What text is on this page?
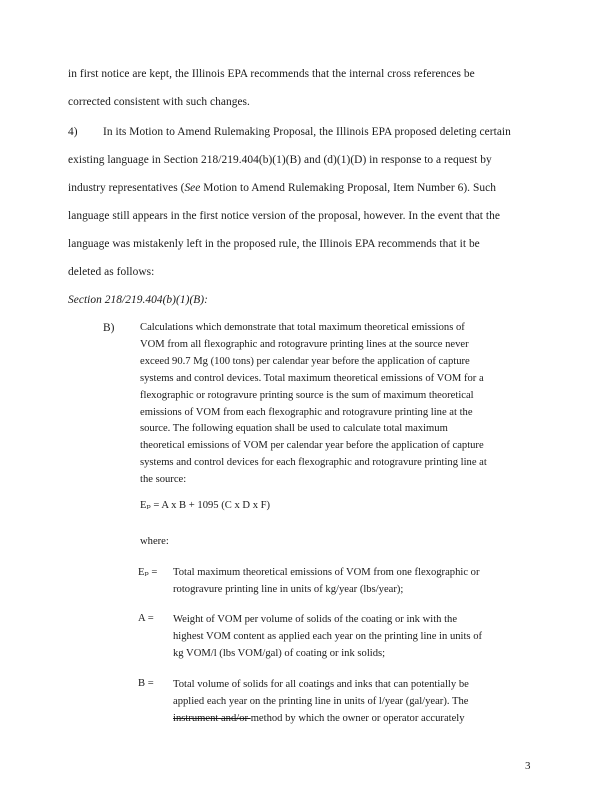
in first notice are kept, the Illinois EPA recommends that the internal cross references be
corrected consistent with such changes.
4) In its Motion to Amend Rulemaking Proposal, the Illinois EPA proposed deleting certain
existing language in Section 218/219.404(b)(1)(B) and (d)(1)(D) in response to a request by
industry representatives (See Motion to Amend Rulemaking Proposal, Item Number 6). Such
language still appears in the first notice version of the proposal, however. In the event that the
language was mistakenly left in the proposed rule, the Illinois EPA recommends that it be
deleted as follows:
Section 218/219.404(b)(1)(B):
B) Calculations which demonstrate that total maximum theoretical emissions of
VOM from all flexographic and rotogravure printing lines at the source never
exceed 90.7 Mg (100 tons) per calendar year before the application of capture
systems and control devices. Total maximum theoretical emissions of VOM for a
flexographic or rotogravure printing source is the sum of maximum theoretical
emissions of VOM from each flexographic and rotogravure printing line at the
source. The following equation shall be used to calculate total maximum
theoretical emissions of VOM per calendar year before the application of capture
systems and control devices for each flexographic and rotogravure printing line at
the source:
Eₚ = A x B + 1095 (C x D x F)
where:
Eₚ = Total maximum theoretical emissions of VOM from one flexographic or
rotogravure printing line in units of kg/year (lbs/year);
A = Weight of VOM per volume of solids of the coating or ink with the
highest VOM content as applied each year on the printing line in units of
kg VOM/l (lbs VOM/gal) of coating or ink solids;
B = Total volume of solids for all coatings and inks that can potentially be
applied each year on the printing line in units of l/year (gal/year). The
instrument and/or method by which the owner or operator accurately
3
